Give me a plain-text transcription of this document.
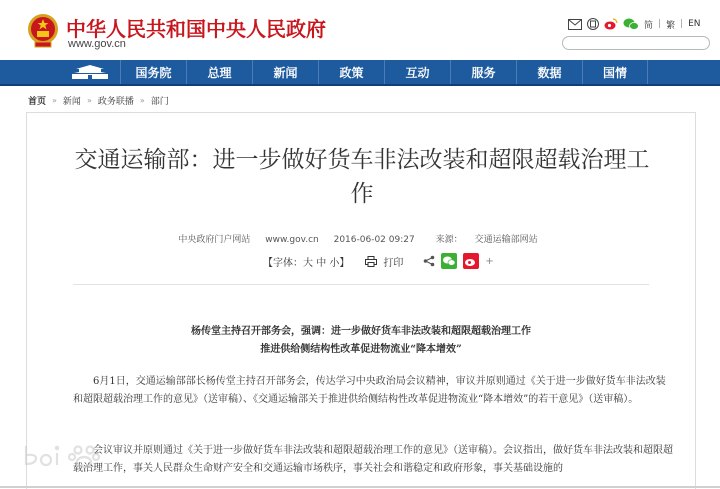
中华人民共和国中央人民政府
www.gov.cn
简 | 繁 | EN
国务院	总理	新闻	政策	互动	服务	数据	国情
首页 » 新闻 » 政务联播 » 部门
交通运输部：进一步做好货车非法改装和超限超载治理工作
中央政府门户网站 www.gov.cn 2016-06-02 09:27 来源： 交通运输部网站
【字体：大 中 小】	打印	+
杨传堂主持召开部务会，强调：进一步做好货车非法改装和超限超载治理工作
推进供给侧结构性改革促进物流业“降本增效”
6月1日，交通运输部部长杨传堂主持召开部务会，传达学习中央政治局会议精神，审议并原则通过《关于进一步做好货车非法改装和超限超载治理工作的意见》（送审稿）、《交通运输部关于推进供给侧结构性改革促进物流业“降本增效”的若干意见》（送审稿）。
会议审议并原则通过《关于进一步做好货车非法改装和超限超载治理工作的意见》（送审稿）。会议指出，做好货车非法改装和超限超载治理工作，事关人民群众生命财产安全和交通运输市场秩序，事关社会和谐稳定和政府形象，事关基础设施的
